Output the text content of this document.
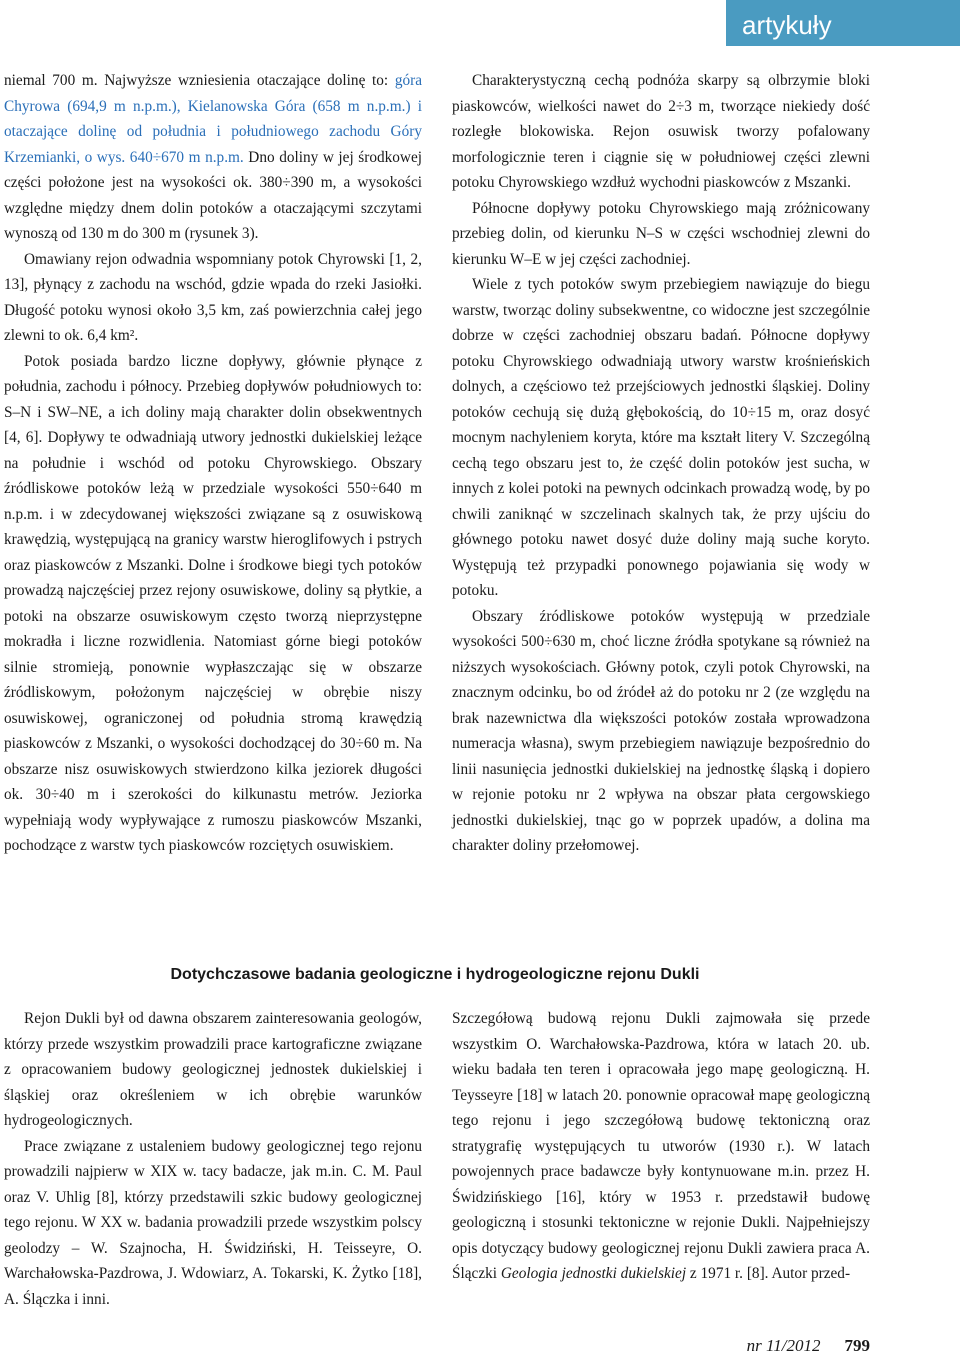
artykuły

niemal 700 m. Najwyższe wzniesienia otaczające dolinę to: góra Chyrowa (694,9 m n.p.m.), Kielanowska Góra (658 m n.p.m.) i otaczające dolinę od południa i południowego zachodu Góry Krzemianki, o wys. 640÷670 m n.p.m. Dno doliny w jej środkowej części położone jest na wysokości ok. 380÷390 m, a wysokości względne między dnem dolin potoków a otaczającymi szczytami wynoszą od 130 m do 300 m (rysunek 3).

Omawiany rejon odwadnia wspomniany potok Chyrowski [1, 2, 13], płynący z zachodu na wschód, gdzie wpada do rzeki Jasiołki. Długość potoku wynosi około 3,5 km, zaś powierzchnia całej jego zlewni to ok. 6,4 km².

Potok posiada bardzo liczne dopływy, głównie płynące z południa, zachodu i północy. Przebieg dopływów południowych to: S–N i SW–NE, a ich doliny mają charakter dolin obsekwentnych [4, 6]. Dopływy te odwadniają utwory jednostki dukielskiej leżące na południe i wschód od potoku Chyrowskiego. Obszary źródliskowe potoków leżą w przedziale wysokości 550÷640 m n.p.m. i w zdecydowanej większości związane są z osuwiskową krawędzią, występującą na granicy warstw hieroglifowych i pstrych oraz piaskowców z Mszanki. Dolne i środkowe biegi tych potoków prowadzą najczęściej przez rejony osuwiskowe, doliny są płytkie, a potoki na obszarze osuwiskowym często tworzą nieprzystępne mokradła i liczne rozwidlenia. Natomiast górne biegi potoków silnie stromieją, ponownie wypłaszczając się w obszarze źródliskowym, położonym najczęściej w obrębie niszy osuwiskowej, ograniczonej od południa stromą krawędzią piaskowców z Mszanki, o wysokości dochodzącej do 30÷60 m. Na obszarze nisz osuwiskowych stwierdzono kilka jeziorek długości ok. 30÷40 m i szerokości do kilkunastu metrów. Jeziorka wypełniają wody wypływające z rumoszu piaskowców Mszanki, pochodzące z warstw tych piaskowców rozciętych osuwiskiem.

Charakterystyczną cechą podnóża skarpy są olbrzymie bloki piaskowców, wielkości nawet do 2÷3 m, tworzące niekiedy dość rozległe blokowiska. Rejon osuwisk tworzy pofalowany morfologicznie teren i ciągnie się w południowej części zlewni potoku Chyrowskiego wzdłuż wychodni piaskowców z Mszanki.

Północne dopływy potoku Chyrowskiego mają zróżnicowany przebieg dolin, od kierunku N–S w części wschodniej zlewni do kierunku W–E w jej części zachodniej.

Wiele z tych potoków swym przebiegiem nawiązuje do biegu warstw, tworząc doliny subsekwentne, co widoczne jest szczególnie dobrze w części zachodniej obszaru badań. Północne dopływy potoku Chyrowskiego odwadniają utwory warstw krośnieńskich dolnych, a częściowo też przejściowych jednostki śląskiej. Doliny potoków cechują się dużą głębokością, do 10÷15 m, oraz dosyć mocnym nachyleniem koryta, które ma kształt litery V. Szczególną cechą tego obszaru jest to, że część dolin potoków jest sucha, w innych z kolei potoki na pewnych odcinkach prowadzą wodę, by po chwili zaniknąć w szczelinach skalnych tak, że przy ujściu do głównego potoku nawet dosyć duże doliny mają suche koryto. Występują też przypadki ponownego pojawiania się wody w potoku.

Obszary źródliskowe potoków występują w przedziale wysokości 500÷630 m, choć liczne źródła spotykane są również na niższych wysokościach. Główny potok, czyli potok Chyrowski, na znacznym odcinku, bo od źródeł aż do potoku nr 2 (ze względu na brak nazewnictwa dla większości potoków została wprowadzona numeracja własna), swym przebiegiem nawiązuje bezpośrednio do linii nasunięcia jednostki dukielskiej na jednostkę śląską i dopiero w rejonie potoku nr 2 wpływa na obszar płata cergowskiego jednostki dukielskiej, tnąc go w poprzek upadów, a dolina ma charakter doliny przełomowej.

Dotychczasowe badania geologiczne i hydrogeologiczne rejonu Dukli

Rejon Dukli był od dawna obszarem zainteresowania geologów, którzy przede wszystkim prowadzili prace kartograficzne związane z opracowaniem budowy geologicznej jednostek dukielskiej i śląskiej oraz określeniem w ich obrębie warunków hydrogeologicznych.

Prace związane z ustaleniem budowy geologicznej tego rejonu prowadzili najpierw w XIX w. tacy badacze, jak m.in. C. M. Paul oraz V. Uhlig [8], którzy przedstawili szkic budowy geologicznej tego rejonu. W XX w. badania prowadzili przede wszystkim polscy geolodzy – W. Szajnocha, H. Świdziński, H. Teisseyre, O. Warchałowska-Pazdrowa, J. Wdowiarz, A. Tokarski, K. Żytko [18], A. Ślączka i inni.

Szczegółową budową rejonu Dukli zajmowała się przede wszystkim O. Warchałowska-Pazdrowa, która w latach 20. ub. wieku badała ten teren i opracowała jego mapę geologiczną. H. Teysseyre [18] w latach 20. ponownie opracował mapę geologiczną tego rejonu i jego szczegółową budowę tektoniczną oraz stratygrafię występujących tu utworów (1930 r.). W latach powojennych prace badawcze były kontynuowane m.in. przez H. Świdzińskiego [16], który w 1953 r. przedstawił budowę geologiczną i stosunki tektoniczne w rejonie Dukli. Najpełniejszy opis dotyczący budowy geologicznej rejonu Dukli zawiera praca A. Ślączki Geologia jednostki dukielskiej z 1971 r. [8]. Autor przed-

nr 11/2012 799
